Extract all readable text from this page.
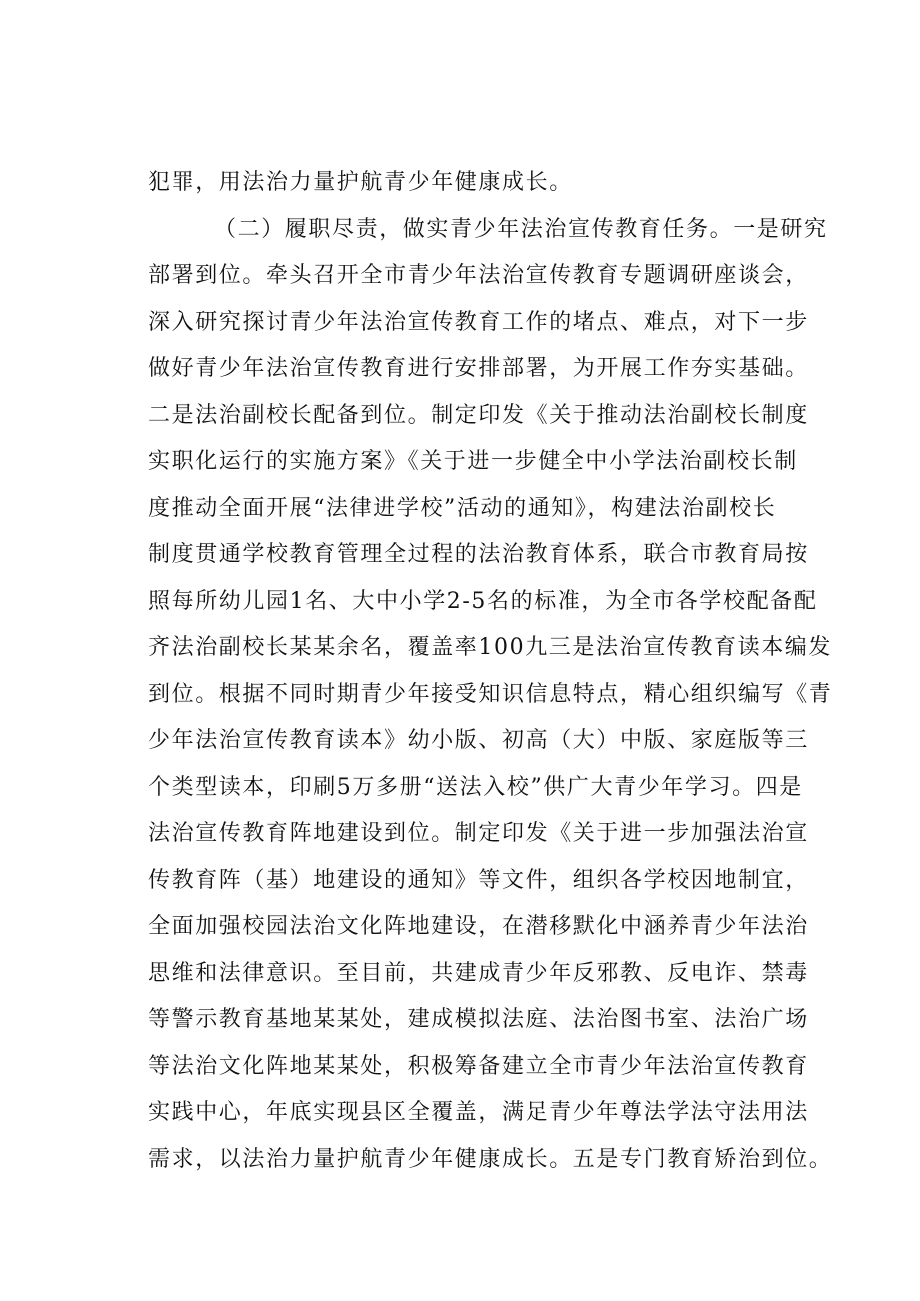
犯罪，用法治力量护航青少年健康成长。
（二）履职尽责，做实青少年法治宣传教育任务。一是研究
部署到位。牵头召开全市青少年法治宣传教育专题调研座谈会，
深入研究探讨青少年法治宣传教育工作的堵点、难点，对下一步
做好青少年法治宣传教育进行安排部署，为开展工作夯实基础。
二是法治副校长配备到位。制定印发《关于推动法治副校长制度
实职化运行的实施方案》《关于进一步健全中小学法治副校长制
度推动全面开展“法律进学校”活动的通知》，构建法治副校长
制度贯通学校教育管理全过程的法治教育体系，联合市教育局按
照每所幼儿园1名、大中小学2-5名的标准，为全市各学校配备配
齐法治副校长某某余名，覆盖率100九三是法治宣传教育读本编发
到位。根据不同时期青少年接受知识信息特点，精心组织编写《青
少年法治宣传教育读本》幼小版、初高（大）中版、家庭版等三
个类型读本，印刷5万多册“送法入校”供广大青少年学习。四是
法治宣传教育阵地建设到位。制定印发《关于进一步加强法治宣
传教育阵（基）地建设的通知》等文件，组织各学校因地制宜，
全面加强校园法治文化阵地建设，在潜移默化中涵养青少年法治
思维和法律意识。至目前，共建成青少年反邪教、反电诈、禁毒
等警示教育基地某某处，建成模拟法庭、法治图书室、法治广场
等法治文化阵地某某处，积极筹备建立全市青少年法治宣传教育
实践中心，年底实现县区全覆盖，满足青少年尊法学法守法用法
需求，以法治力量护航青少年健康成长。五是专门教育矫治到位。
